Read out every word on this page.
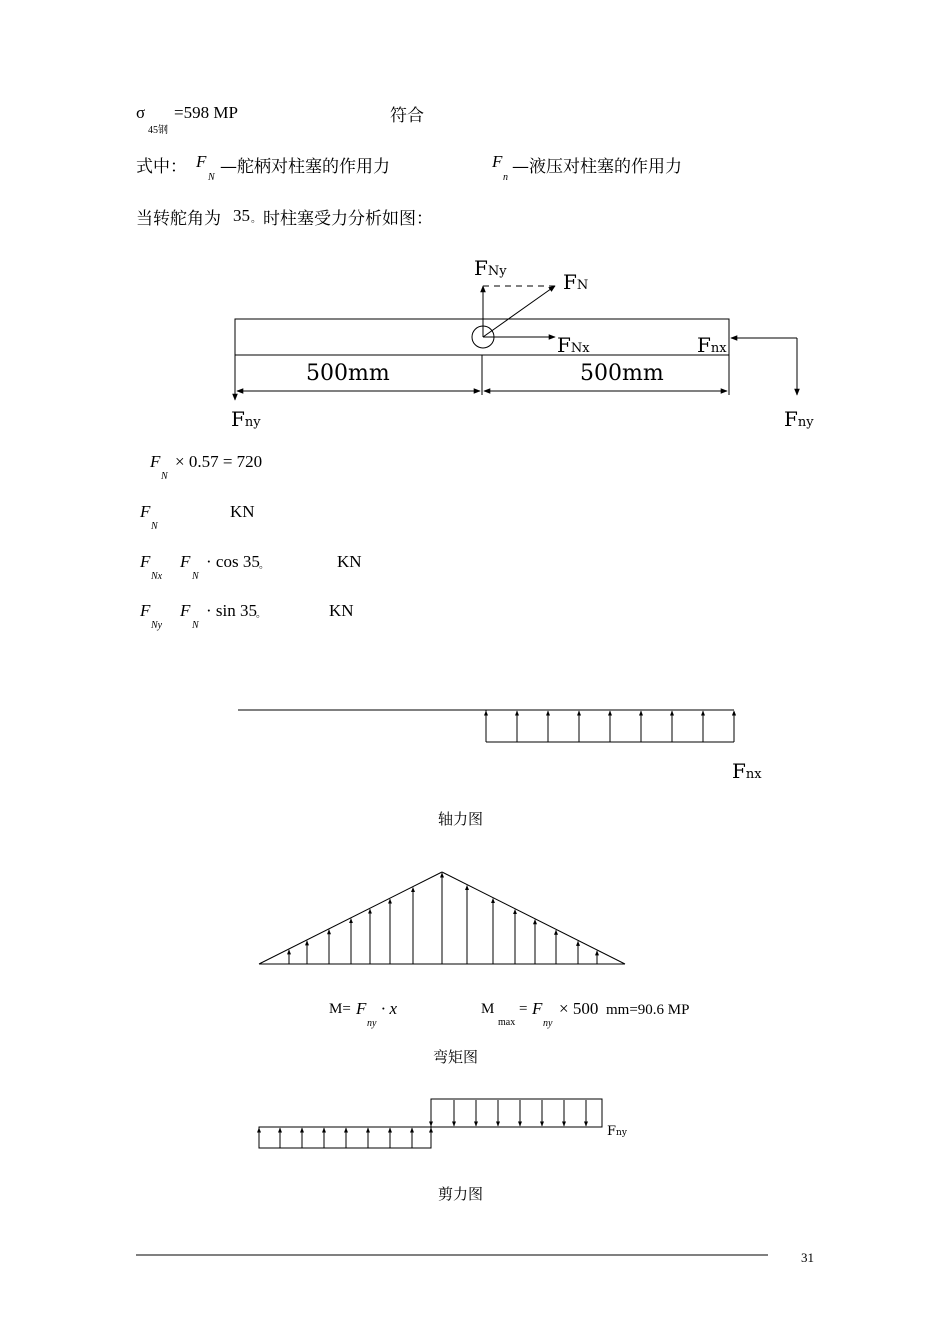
σ
45钢
=598 MP	符合
式中： F
N
—舵柄对柱塞的作用力	F
n
—液压对柱塞的作用力
当转舵角为 35 。 时柱塞受力分析如图：
FNy	FN
FNx	Fnx
Fny	Fny
500mm	500mm
F
N
× 0.57 = 720
F
N
KN
F
Nx
F
N
· cos 35 。	KN
F
Ny
F
N
· sin 35 。	KN
Fnx
轴力图
M= F
ny
· x	M
max
= F
ny
× 500 mm=90.6 MP
弯矩图
Fny
剪力图
31
